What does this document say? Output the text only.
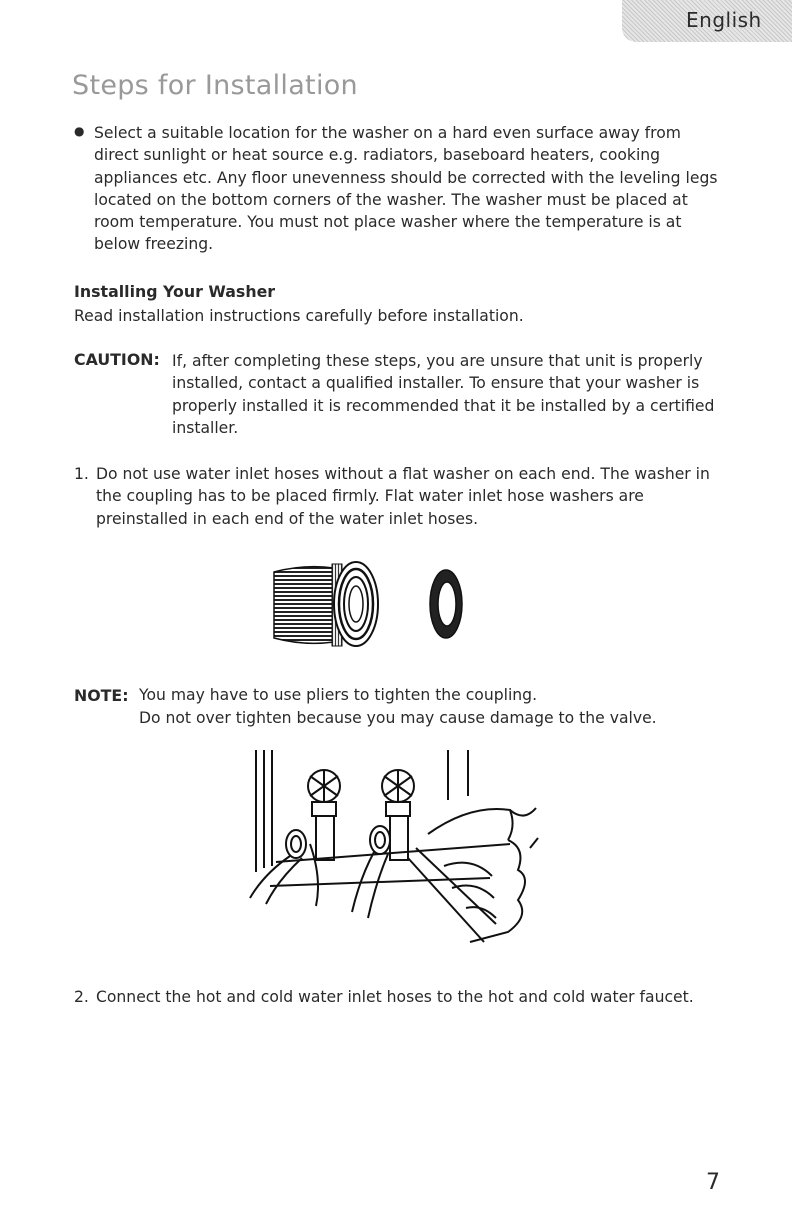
English
Steps for Installation
● Select a suitable location for the washer on a hard even surface away from direct sunlight or heat source e.g. radiators, baseboard heaters, cooking appliances etc. Any floor unevenness should be corrected with the leveling legs located on the bottom corners of the washer. The washer must be placed at room temperature. You must not place washer where the temperature is at below freezing.

Installing Your Washer

Read installation instructions carefully before installation.

CAUTION: If, after completing these steps, you are unsure that unit is properly installed, contact a qualified installer. To ensure that your washer is properly installed it is recommended that it be installed by a certified installer.

1. Do not use water inlet hoses without a flat washer on each end. The washer in the coupling has to be placed firmly. Flat water inlet hose washers are preinstalled in each end of the water inlet hoses.

NOTE: You may have to use pliers to tighten the coupling.
Do not over tighten because you may cause damage to the valve.
2. Connect the hot and cold water inlet hoses to the hot and cold water faucet.

7
